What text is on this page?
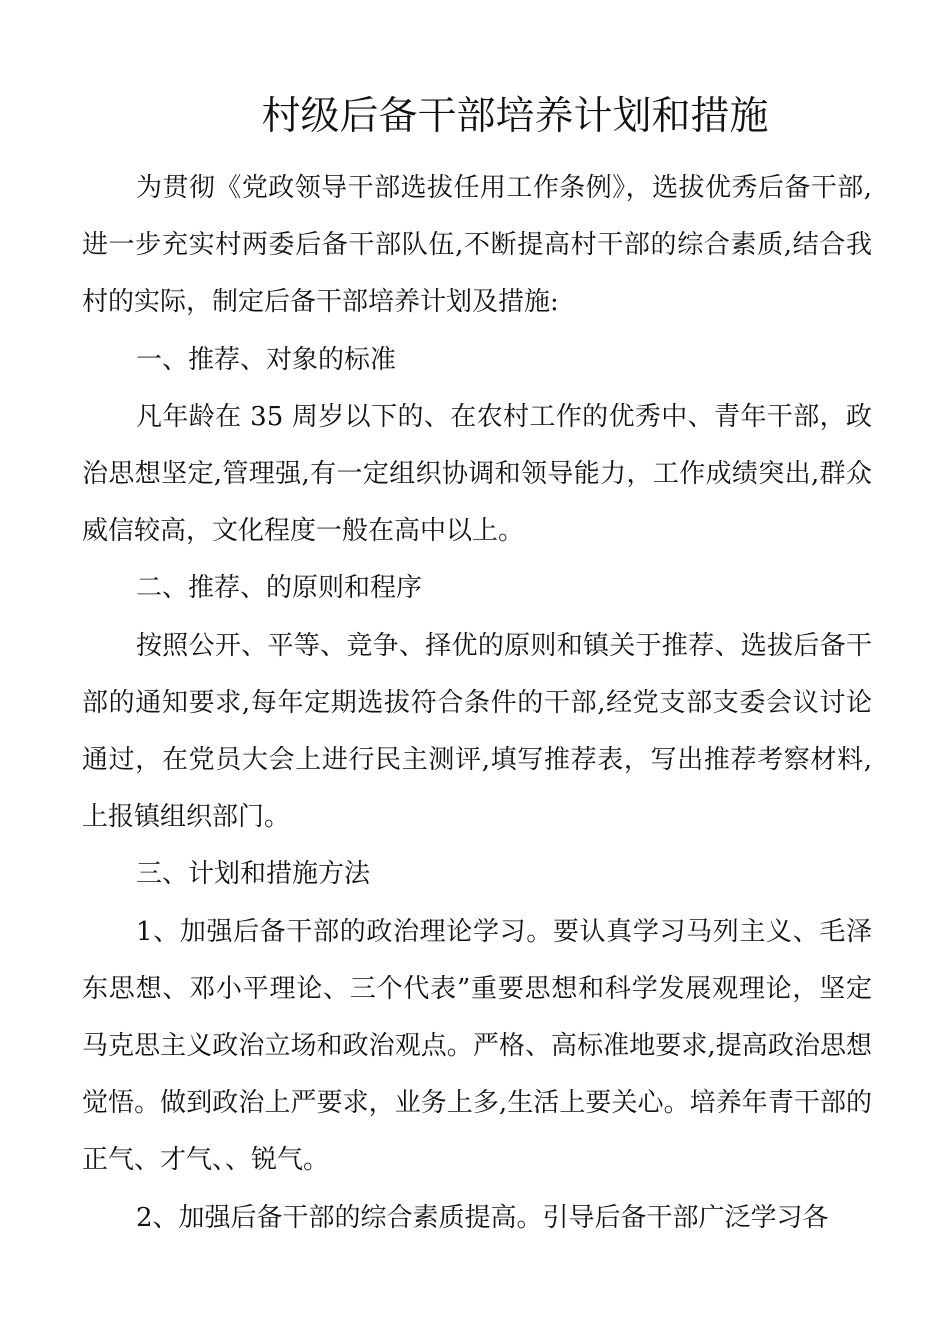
村级后备干部培养计划和措施

为贯彻《党政领导干部选拔任用工作条例》，选拔优秀后备干部,进一步充实村两委后备干部队伍,不断提高村干部的综合素质,结合我村的实际，制定后备干部培养计划及措施:

一、推荐、对象的标准

凡年龄在 35 周岁以下的、在农村工作的优秀中、青年干部，政治思想坚定,管理强,有一定组织协调和领导能力，工作成绩突出,群众威信较高，文化程度一般在高中以上。

二、推荐、的原则和程序

按照公开、平等、竞争、择优的原则和镇关于推荐、选拔后备干部的通知要求,每年定期选拔符合条件的干部,经党支部支委会议讨论通过，在党员大会上进行民主测评,填写推荐表，写出推荐考察材料,上报镇组织部门。

三、计划和措施方法

1、加强后备干部的政治理论学习。要认真学习马列主义、毛泽东思想、邓小平理论、三个代表”重要思想和科学发展观理论，坚定马克思主义政治立场和政治观点。严格、高标准地要求,提高政治思想觉悟。做到政治上严要求，业务上多,生活上要关心。培养年青干部的正气、才气、、锐气。

2、加强后备干部的综合素质提高。引导后备干部广泛学习各
